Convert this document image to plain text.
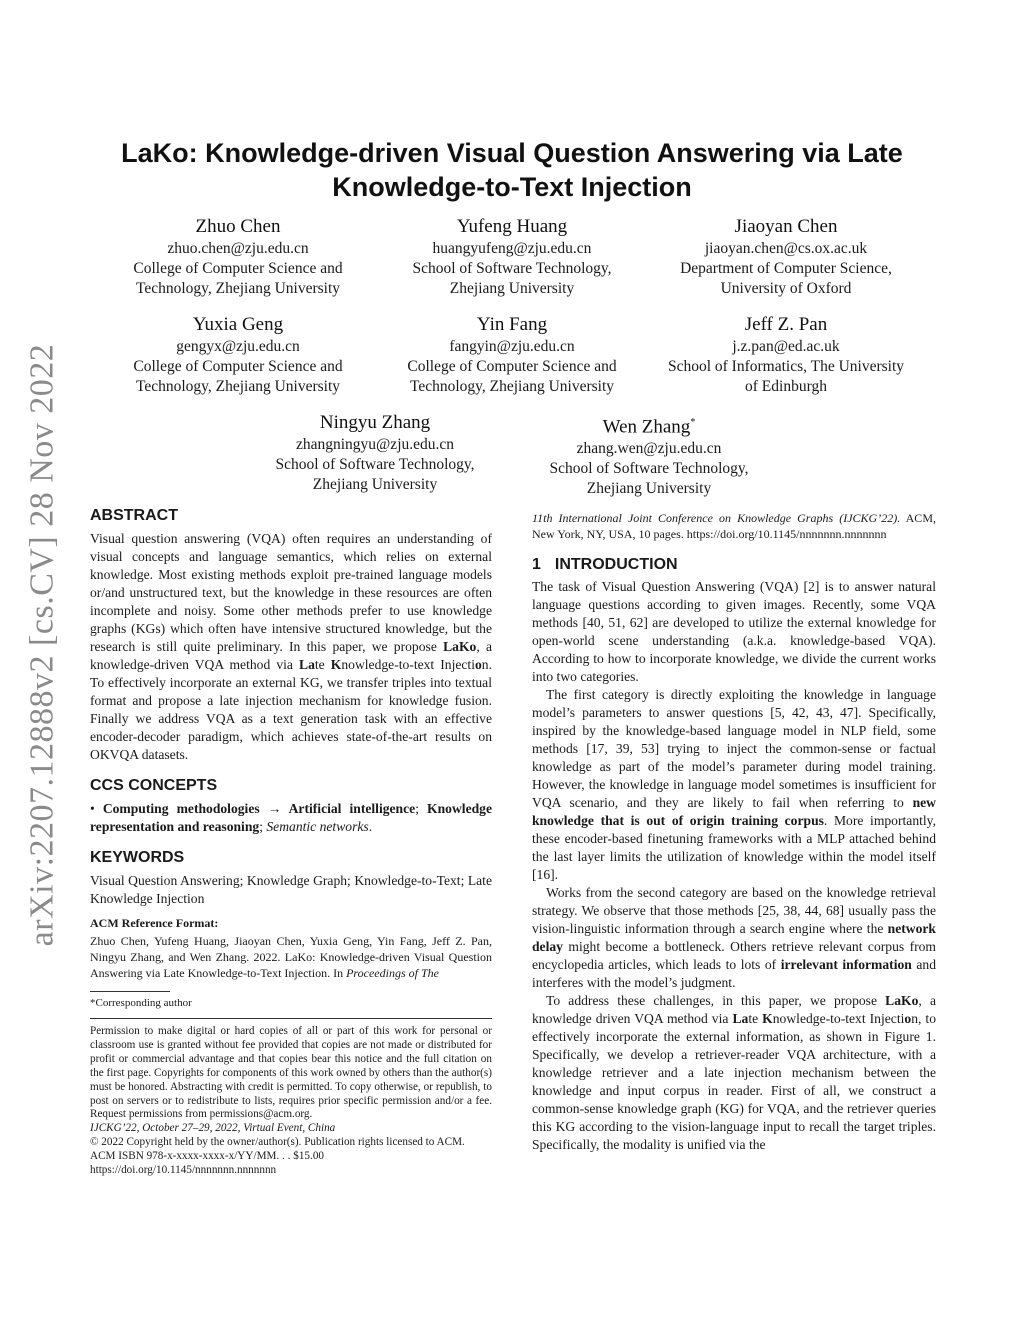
arXiv:2207.12888v2 [cs.CV] 28 Nov 2022
LaKo: Knowledge-driven Visual Question Answering via Late
Knowledge-to-Text Injection
Zhuo Chen
zhuo.chen@zju.edu.cn
College of Computer Science and
Technology, Zhejiang University
Yufeng Huang
huangyufeng@zju.edu.cn
School of Software Technology,
Zhejiang University
Jiaoyan Chen
jiaoyan.chen@cs.ox.ac.uk
Department of Computer Science,
University of Oxford
Yuxia Geng
gengyx@zju.edu.cn
College of Computer Science and
Technology, Zhejiang University
Yin Fang
fangyin@zju.edu.cn
College of Computer Science and
Technology, Zhejiang University
Jeff Z. Pan
j.z.pan@ed.ac.uk
School of Informatics, The University
of Edinburgh
Ningyu Zhang
zhangningyu@zju.edu.cn
School of Software Technology,
Zhejiang University
Wen Zhang*
zhang.wen@zju.edu.cn
School of Software Technology,
Zhejiang University
ABSTRACT

Visual question answering (VQA) often requires an understanding of visual concepts and language semantics, which relies on external knowledge. Most existing methods exploit pre-trained language models or/and unstructured text, but the knowledge in these resources are often incomplete and noisy. Some other methods prefer to use knowledge graphs (KGs) which often have intensive structured knowledge, but the research is still quite preliminary. In this paper, we propose LaKo, a knowledge-driven VQA method via Late Knowledge-to-text Injection. To effectively incorporate an external KG, we transfer triples into textual format and propose a late injection mechanism for knowledge fusion. Finally we address VQA as a text generation task with an effective encoder-decoder paradigm, which achieves state-of-the-art results on OKVQA datasets.

CCS CONCEPTS

• Computing methodologies → Artificial intelligence; Knowledge representation and reasoning; Semantic networks.

KEYWORDS

Visual Question Answering; Knowledge Graph; Knowledge-to-Text; Late Knowledge Injection

ACM Reference Format:

Zhuo Chen, Yufeng Huang, Jiaoyan Chen, Yuxia Geng, Yin Fang, Jeff Z. Pan, Ningyu Zhang, and Wen Zhang. 2022. LaKo: Knowledge-driven Visual Question Answering via Late Knowledge-to-Text Injection. In Proceedings of The

*Corresponding author

Permission to make digital or hard copies of all or part of this work for personal or classroom use is granted without fee provided that copies are not made or distributed for profit or commercial advantage and that copies bear this notice and the full citation on the first page. Copyrights for components of this work owned by others than the author(s) must be honored. Abstracting with credit is permitted. To copy otherwise, or republish, to post on servers or to redistribute to lists, requires prior specific permission and/or a fee. Request permissions from permissions@acm.org.

IJCKG’22, October 27–29, 2022, Virtual Event, China

© 2022 Copyright held by the owner/author(s). Publication rights licensed to ACM.

ACM ISBN 978-x-xxxx-xxxx-x/YY/MM. . . $15.00

https://doi.org/10.1145/nnnnnnn.nnnnnnn

11th International Joint Conference on Knowledge Graphs (IJCKG’22). ACM, New York, NY, USA, 10 pages. https://doi.org/10.1145/nnnnnnn.nnnnnnn

1 INTRODUCTION

The task of Visual Question Answering (VQA) [2] is to answer natural language questions according to given images. Recently, some VQA methods [40, 51, 62] are developed to utilize the external knowledge for open-world scene understanding (a.k.a. knowledge-based VQA). According to how to incorporate knowledge, we divide the current works into two categories.

The first category is directly exploiting the knowledge in language model’s parameters to answer questions [5, 42, 43, 47]. Specifically, inspired by the knowledge-based language model in NLP field, some methods [17, 39, 53] trying to inject the common-sense or factual knowledge as part of the model’s parameter during model training. However, the knowledge in language model sometimes is insufficient for VQA scenario, and they are likely to fail when referring to new knowledge that is out of origin training corpus. More importantly, these encoder-based finetuning frameworks with a MLP attached behind the last layer limits the utilization of knowledge within the model itself [16].

Works from the second category are based on the knowledge retrieval strategy. We observe that those methods [25, 38, 44, 68] usually pass the vision-linguistic information through a search engine where the network delay might become a bottleneck. Others retrieve relevant corpus from encyclopedia articles, which leads to lots of irrelevant information and interferes with the model’s judgment.

To address these challenges, in this paper, we propose LaKo, a knowledge driven VQA method via Late Knowledge-to-text Injection, to effectively incorporate the external information, as shown in Figure 1. Specifically, we develop a retriever-reader VQA architecture, with a knowledge retriever and a late injection mechanism between the knowledge and input corpus in reader. First of all, we construct a common-sense knowledge graph (KG) for VQA, and the retriever queries this KG according to the vision-language input to recall the target triples. Specifically, the modality is unified via the
